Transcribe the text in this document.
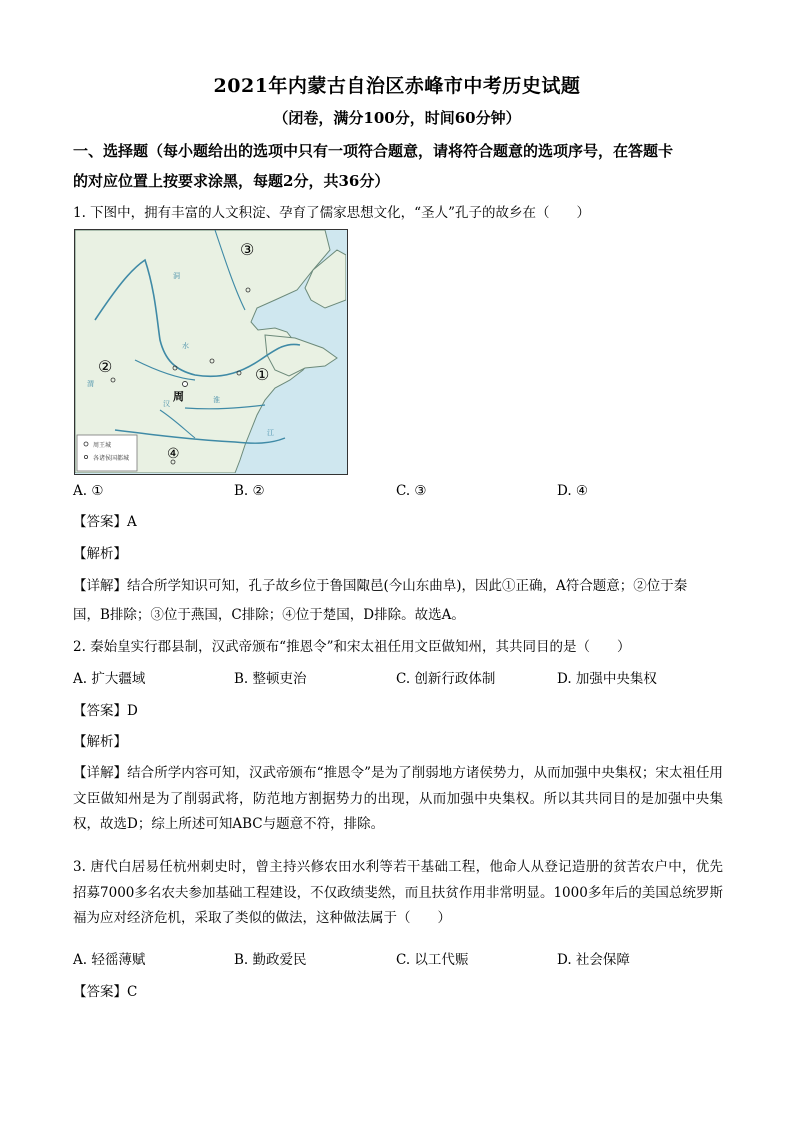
2021年内蒙古自治区赤峰市中考历史试题
（闭卷，满分100分，时间60分钟）
一、选择题（每小题给出的选项中只有一项符合题意，请将符合题意的选项序号，在答题卡
的对应位置上按要求涂黑，每题2分，共36分）
1. 下图中，拥有丰富的人文积淀、孕育了儒家思想文化，“圣人”孔子的故乡在（　　）
洞
水
淮
渭
汉
江
③
②	①
④
周
周王城
各诸侯国都城
A. ①	B. ②	C. ③	D. ④
【答案】A
【解析】
【详解】结合所学知识可知，孔子故乡位于鲁国陬邑(今山东曲阜)，因此①正确，A符合题意；②位于秦
国，B排除；③位于燕国，C排除；④位于楚国，D排除。故选A。
2. 秦始皇实行郡县制，汉武帝颁布“推恩令”和宋太祖任用文臣做知州，其共同目的是（　　）
A. 扩大疆域	B. 整顿吏治	C. 创新行政体制	D. 加强中央集权
【答案】D
【解析】
【详解】结合所学内容可知，汉武帝颁布“推恩令”是为了削弱地方诸侯势力，从而加强中央集权；宋太祖任用文臣做知州是为了削弱武将，防范地方割据势力的出现，从而加强中央集权。所以其共同目的是加强中央集权，故选D；综上所述可知ABC与题意不符，排除。
3. 唐代白居易任杭州刺史时，曾主持兴修农田水利等若干基础工程，他命人从登记造册的贫苦农户中，优先招募7000多名农夫参加基础工程建设，不仅政绩斐然，而且扶贫作用非常明显。1000多年后的美国总统罗斯福为应对经济危机，采取了类似的做法，这种做法属于（　　）
A. 轻徭薄赋	B. 勤政爱民	C. 以工代赈	D. 社会保障
【答案】C
